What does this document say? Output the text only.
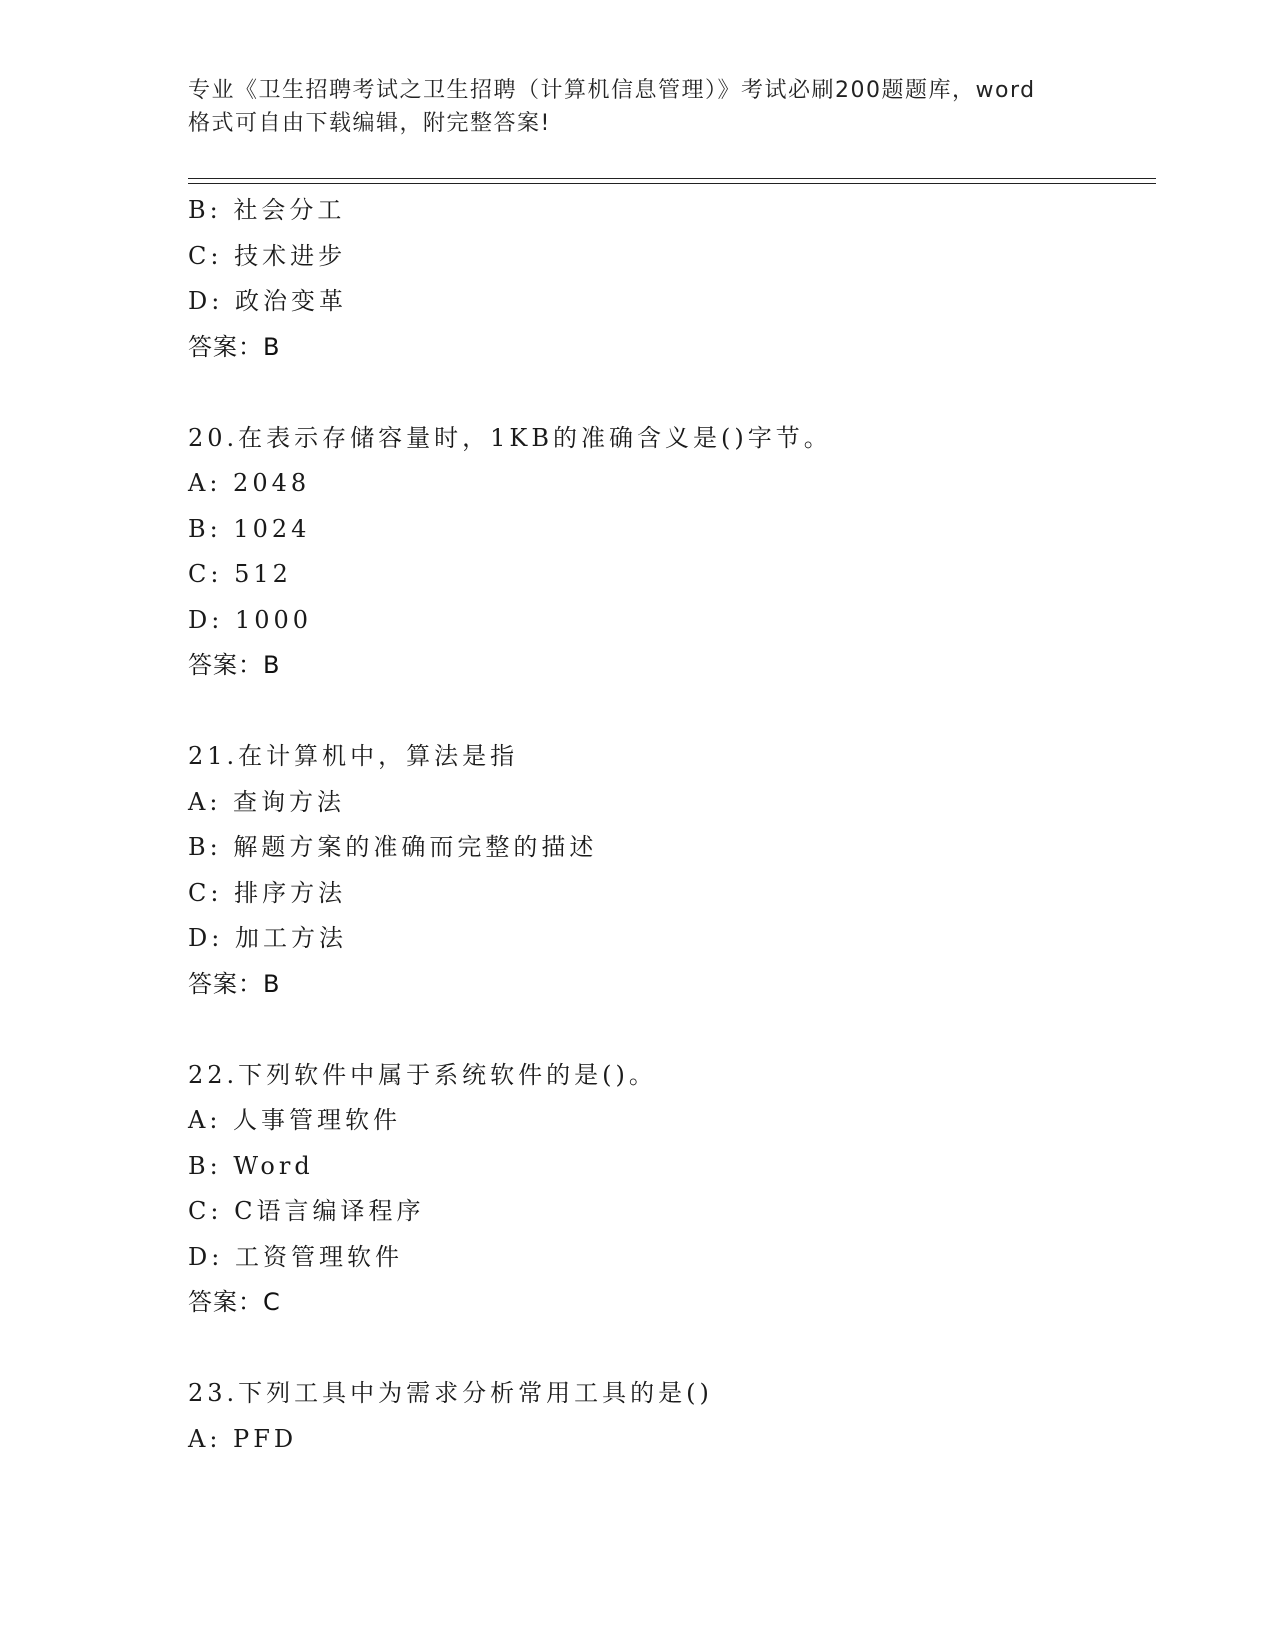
专业《卫生招聘考试之卫生招聘（计算机信息管理）》考试必刷200题题库，word
格式可自由下载编辑，附完整答案!
B: 社会分工
C: 技术进步
D: 政治变革
答案：B
20.在表示存储容量时，1KB的准确含义是()字节。
A: 2048
B: 1024
C: 512
D: 1000
答案：B
21.在计算机中，算法是指
A: 查询方法
B: 解题方案的准确而完整的描述
C: 排序方法
D: 加工方法
答案：B
22.下列软件中属于系统软件的是()。
A: 人事管理软件
B: Word
C: C语言编译程序
D: 工资管理软件
答案：C
23.下列工具中为需求分析常用工具的是()
A: PFD
